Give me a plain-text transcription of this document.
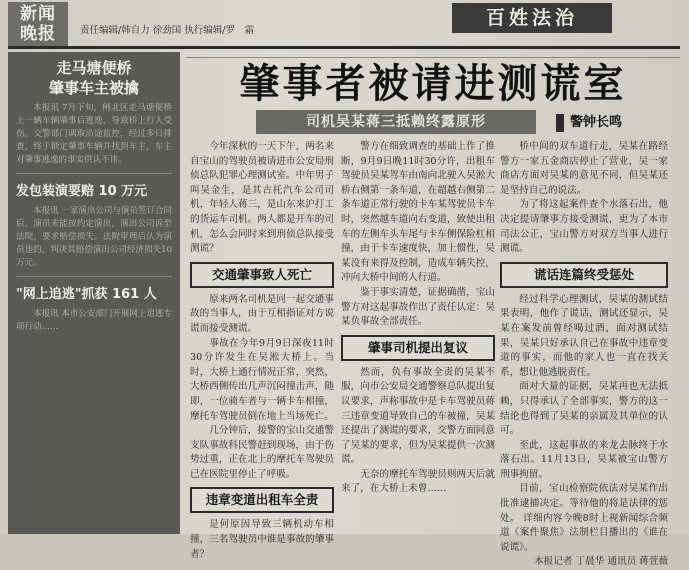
新闻
晚报	责任编辑/韩自力 徐劲国 执行编辑/罗　霜
百姓法治
走马塘便桥
肇事车主被擒
本报讯 7月下旬，闸北区走马塘便桥上一辆车辆肇事后逃逸，导致桥上行人受伤。交警部门调取沿途监控，经过多日排查，终于锁定肇事车辆并找到车主，车主对肇事逃逸的事实供认不讳。
发包装演要赔 10 万元
本报讯 一家演出公司与演员签订合同后，演员未能按约定演出，演出公司诉至法院，要求赔偿损失。法院审理后认为演员违约，判决其赔偿演出公司经济损失10万元。
"网上追逃"抓获 161 人
本报讯 本市公安部门开展网上追逃专项行动……
肇事者被请进测谎室
司机吴某蒋三抵赖终露原形	警钟长鸣

今年深秋的一天下午，两名来自宝山的驾驶员被请进市公安局刑侦总队犯罪心理测试室。中年男子叫吴金生，是其古托汽车公司司机，年轻人蒋三，是山东来沪打工的货运车司机。两人都是开车的司机，怎么会同时来到刑侦总队接受测谎？

交通肇事致人死亡

原来两名司机是同一起交通事故的当事人，由于互相指证对方说谎而接受测谎。

事故在今年9月9日深夜11时30分许发生在吴淞大桥上。当时，大桥上通行情况正常，突然，大桥西侧传出几声沉闷撞击声，随即，一位骑车者与一辆卡车相撞，摩托车驾驶员倒在地上当场死亡。

几分钟后，接警的宝山交通警支队事故科民警赶到现场，由于伤势过重，正在北上的摩托车驾驶员已在医院里停止了呼吸。

违章变道出租车全责

是何原因导致三辆机动车相撞，三名驾驶员中谁是事故的肇事者？

警方在细致调查的基础上作了推断，9月9日晚11时30分许，出租车驾驶员吴某驾车由南向北驶入吴淞大桥右侧第一条车道，在超越右侧第二条车道正常行驶的卡车某驾驶员卡车时，突然越车道向右变道，致使出租车的左侧车头车尾与卡车侧保险杠相撞，由于卡车速度快，加上惯性，吴某没有来得及控制，造成车辆失控，冲向大桥中间的人行道。

鉴于事实清楚，证据确凿，宝山警方对这起事故作出了责任认定：吴某负事故全部责任。

肇事司机提出复议

然而，负有事故全责的吴某不服，向市公安局交通警察总队提出复议要求，声称事故中是卡车驾驶员蒋三违章变道导致自己的车被撞，吴某还提出了测谎的要求，交警方面同意了吴某的要求，但为吴某提供一次测谎。

无奈的摩托车驾驶员则两天后就来了，在大桥上未曾……

桥中间的双车道行走，吴某在路经警方一家五金商店停止了营业，吴一家商店方面对吴某的意见不同，但吴某还是坚持自己的说法。

为了将这起案件查个水落石出，他决定提请肇事方接受测谎，更为了本市司法公正，宝山警方对双方当事人进行测谎。

谎话连篇终受惩处

经过科学心理测试，吴某的测试结果表明，他作了谎话，测试还显示，吴某在案发前曾经喝过酒，面对测试结果，吴某只好承认自己在事故中违章变道的事实，而他的家人也一直在找关系，想让他逃脱责任。

面对大量的证据，吴某再也无法抵赖，只得承认了全部事实，警方的这一结论也得到了吴某的亲属及其单位的认可。

至此，这起事故的来龙去脉终于水落石出。11月13日，吴某被宝山警方刑事拘留。

目前，宝山检察院依法对吴某作出批准逮捕决定。等待他的将是法律的惩处。 详细内容今晚8时上视新闻综合频道《案件聚焦》法制栏目播出的《谁在说谎》。

本报记者 丁晨华 通讯员 蒋萱薇
